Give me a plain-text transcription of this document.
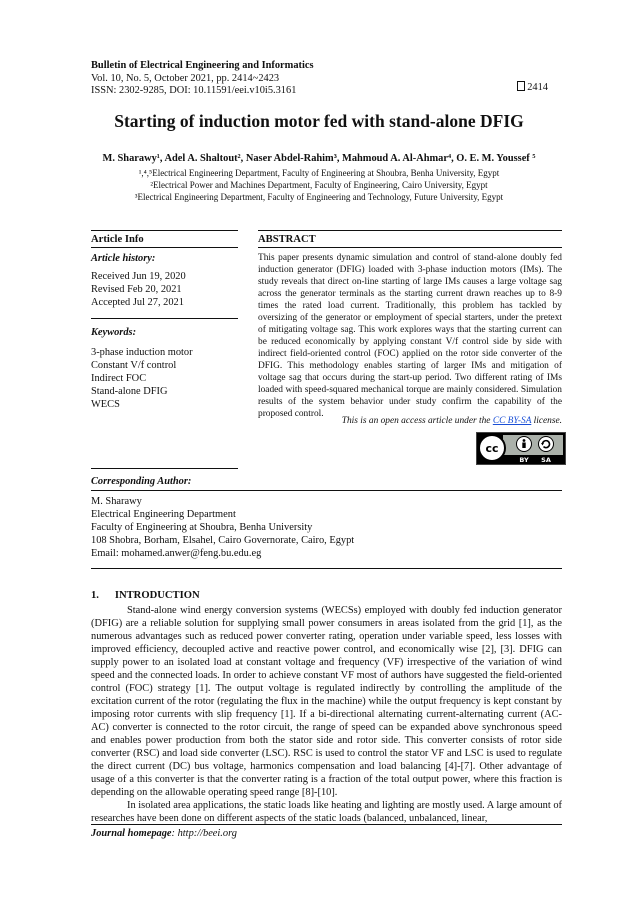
Bulletin of Electrical Engineering and Informatics
Vol. 10, No. 5, October 2021, pp. 2414~2423
ISSN: 2302-9285, DOI: 10.11591/eei.v10i5.3161	2414
Starting of induction motor fed with stand-alone DFIG
M. Sharawy¹, Adel A. Shaltout², Naser Abdel-Rahim³, Mahmoud A. Al-Ahmar⁴, O. E. M. Youssef ⁵
¹,⁴,⁵Electrical Engineering Department, Faculty of Engineering at Shoubra, Benha University, Egypt
²Electrical Power and Machines Department, Faculty of Engineering, Cairo University, Egypt
³Electrical Engineering Department, Faculty of Engineering and Technology, Future University, Egypt
Article Info
Article history:
Received Jun 19, 2020
Revised Feb 20, 2021
Accepted Jul 27, 2021
Keywords:
3-phase induction motor
Constant V/f control
Indirect FOC
Stand-alone DFIG
WECS
ABSTRACT
This paper presents dynamic simulation and control of stand-alone doubly fed induction generator (DFIG) loaded with 3-phase induction motors (IMs). The study reveals that direct on-line starting of large IMs causes a large voltage sag across the generator terminals as the starting current drawn reaches up to 8-9 times the rated load current. Traditionally, this problem has tackled by oversizing of the generator or employment of special starters, under the pretext of mitigating voltage sag. This work explores ways that the starting current can be reduced economically by applying constant V/f control side by side with indirect field-oriented control (FOC) applied on the rotor side converter of the DFIG. This methodology enables starting of larger IMs and mitigation of voltage sag that occurs during the start-up period. Two different rating of IMs loaded with speed-squared mechanical torque are mainly considered. Simulation results of the system behavior under study confirm the capability of the proposed control.
This is an open access article under the CC BY-SA license.
cc
BY SA
Corresponding Author:
M. Sharawy
Electrical Engineering Department
Faculty of Engineering at Shoubra, Benha University
108 Shobra, Borham, Elsahel, Cairo Governorate, Cairo, Egypt
Email: mohamed.anwer@feng.bu.edu.eg
1.      INTRODUCTION

Stand-alone wind energy conversion systems (WECSs) employed with doubly fed induction generator (DFIG) are a reliable solution for supplying small power consumers in areas isolated from the grid [1], as the numerous advantages such as reduced power converter rating, operation under variable speed, less losses with improved efficiency, decoupled active and reactive power control, and economically wise [2], [3]. DFIG can supply power to an isolated load at constant voltage and frequency (VF) irrespective of the variation of wind speed and the connected loads. In order to achieve constant VF most of authors have suggested the field-oriented control (FOC) strategy [1]. The output voltage is regulated indirectly by controlling the amplitude of the excitation current of the rotor (regulating the flux in the machine) while the output frequency is kept constant by imposing rotor currents with slip frequency [1]. If a bi-directional alternating current-alternating current (AC-AC) converter is connected to the rotor circuit, the range of speed can be expanded above synchronous speed and enables power production from both the stator side and rotor side. This converter consists of rotor side converter (RSC) and load side converter (LSC). RSC is used to control the stator VF and LSC is used to regulate the direct current (DC) bus voltage, harmonics compensation and load balancing [4]-[7]. Other advantage of usage of a this converter is that the converter rating is a fraction of the total output power, where this fraction is depending on the allowable operating speed range [8]-[10].

In isolated area applications, the static loads like heating and lighting are mostly used. A large amount of researches have been done on different aspects of the static loads (balanced, unbalanced, linear,

Journal homepage: http://beei.org
